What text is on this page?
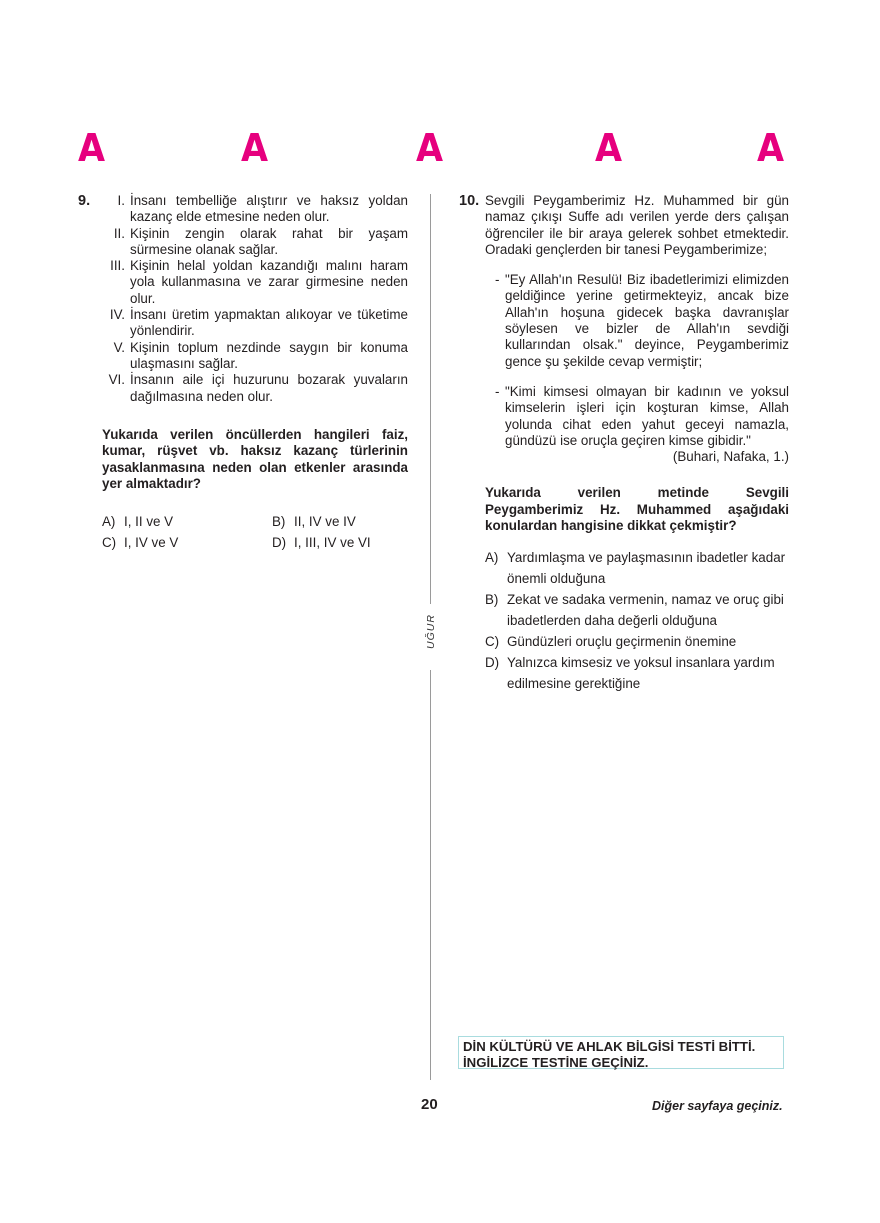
A	A	A	A	A
9.	I. İnsanı tembelliğe alıştırır ve haksız yoldan kazanç elde etmesine neden olur.
II. Kişinin zengin olarak rahat bir yaşam sürmesine olanak sağlar.
III. Kişinin helal yoldan kazandığı malını haram yola kullanmasına ve zarar girmesine neden olur.
IV. İnsanı üretim yapmaktan alıkoyar ve tüketime yönlendirir.
V. Kişinin toplum nezdinde saygın bir konuma ulaşmasını sağlar.
VI. İnsanın aile içi huzurunu bozarak yuvaların dağılmasına neden olur.
Yukarıda verilen öncüllerden hangileri faiz, kumar, rüşvet vb. haksız kazanç türlerinin yasaklanmasına neden olan etkenler arasında yer almaktadır?
A) I, II ve V	B) II, IV ve IV
C) I, IV ve V	D) I, III, IV ve VI
UĞUR
10. Sevgili Peygamberimiz Hz. Muhammed bir gün namaz çıkışı Suffe adı verilen yerde ders çalışan öğrenciler ile bir araya gelerek sohbet etmektedir. Oradaki gençlerden bir tanesi Peygamberimize;
- "Ey Allah'ın Resulü! Biz ibadetlerimizi elimizden geldiğince yerine getirmekteyiz, ancak bize Allah'ın hoşuna gidecek başka davranışlar söylesen ve bizler de Allah'ın sevdiği kullarından olsak." deyince, Peygamberimiz gence şu şekilde cevap vermiştir;
- "Kimi kimsesi olmayan bir kadının ve yoksul kimselerin işleri için koşturan kimse, Allah yolunda cihat eden yahut geceyi namazla, gündüzü ise oruçla geçiren kimse gibidir."
(Buhari, Nafaka, 1.)
Yukarıda verilen metinde Sevgili Peygamberimiz Hz. Muhammed aşağıdaki konulardan hangisine dikkat çekmiştir?
A) Yardımlaşma ve paylaşmasının ibadetler kadar önemli olduğuna
B) Zekat ve sadaka vermenin, namaz ve oruç gibi ibadetlerden daha değerli olduğuna
C) Gündüzleri oruçlu geçirmenin önemine
D) Yalnızca kimsesiz ve yoksul insanlara yardım edilmesine gerektiğine
DİN KÜLTÜRÜ VE AHLAK BİLGİSİ TESTİ BİTTİ.
İNGİLİZCE TESTİNE GEÇİNİZ.
20	Diğer sayfaya geçiniz.
